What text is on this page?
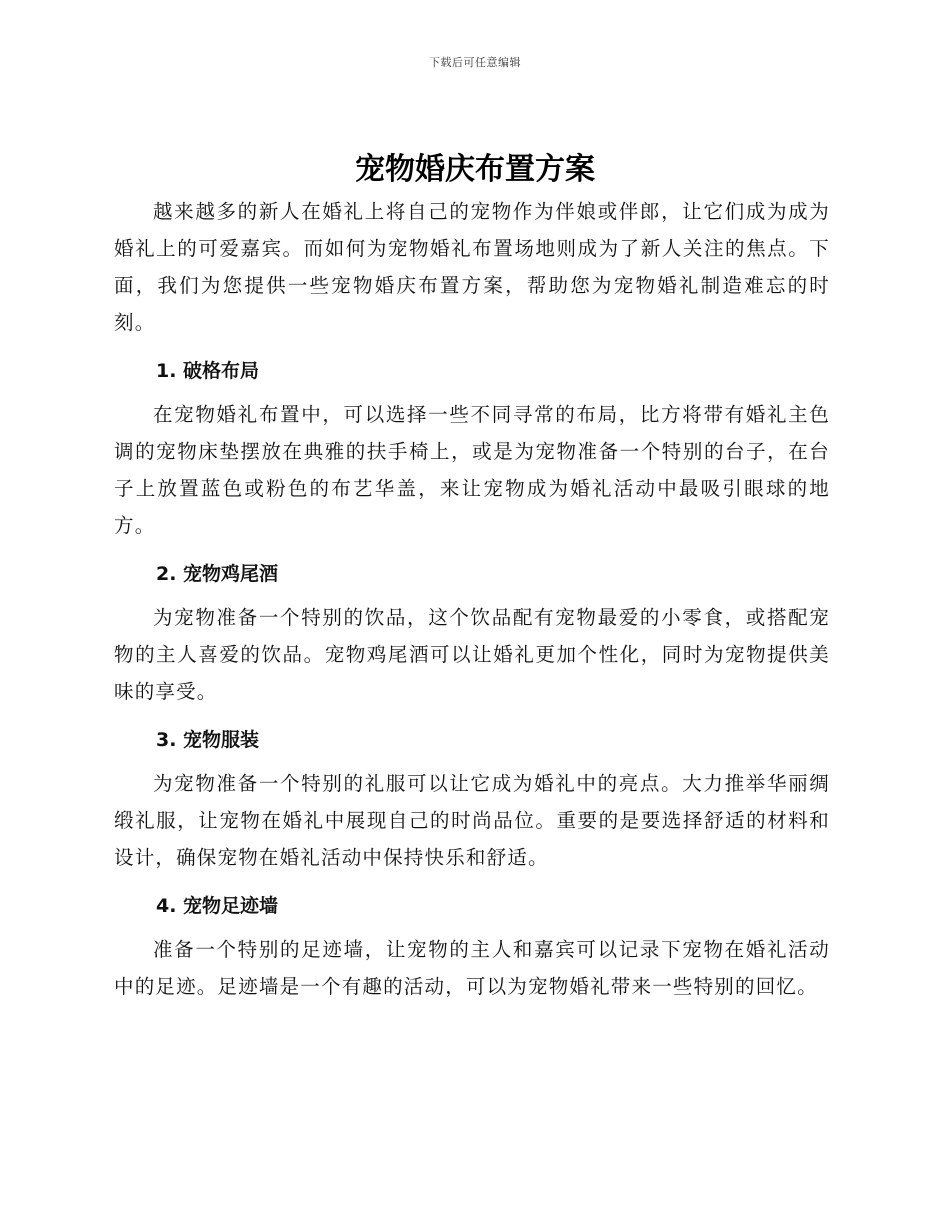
下载后可任意编辑
宠物婚庆布置方案

越来越多的新人在婚礼上将自己的宠物作为伴娘或伴郎，让它们成为成为婚礼上的可爱嘉宾。而如何为宠物婚礼布置场地则成为了新人关注的焦点。下面，我们为您提供一些宠物婚庆布置方案，帮助您为宠物婚礼制造难忘的时刻。

1. 破格布局

在宠物婚礼布置中，可以选择一些不同寻常的布局，比方将带有婚礼主色调的宠物床垫摆放在典雅的扶手椅上，或是为宠物准备一个特别的台子，在台子上放置蓝色或粉色的布艺华盖，来让宠物成为婚礼活动中最吸引眼球的地方。

2. 宠物鸡尾酒

为宠物准备一个特别的饮品，这个饮品配有宠物最爱的小零食，或搭配宠物的主人喜爱的饮品。宠物鸡尾酒可以让婚礼更加个性化，同时为宠物提供美味的享受。

3. 宠物服装

为宠物准备一个特别的礼服可以让它成为婚礼中的亮点。大力推举华丽绸缎礼服，让宠物在婚礼中展现自己的时尚品位。重要的是要选择舒适的材料和设计，确保宠物在婚礼活动中保持快乐和舒适。

4. 宠物足迹墙

准备一个特别的足迹墙，让宠物的主人和嘉宾可以记录下宠物在婚礼活动中的足迹。足迹墙是一个有趣的活动，可以为宠物婚礼带来一些特别的回忆。
